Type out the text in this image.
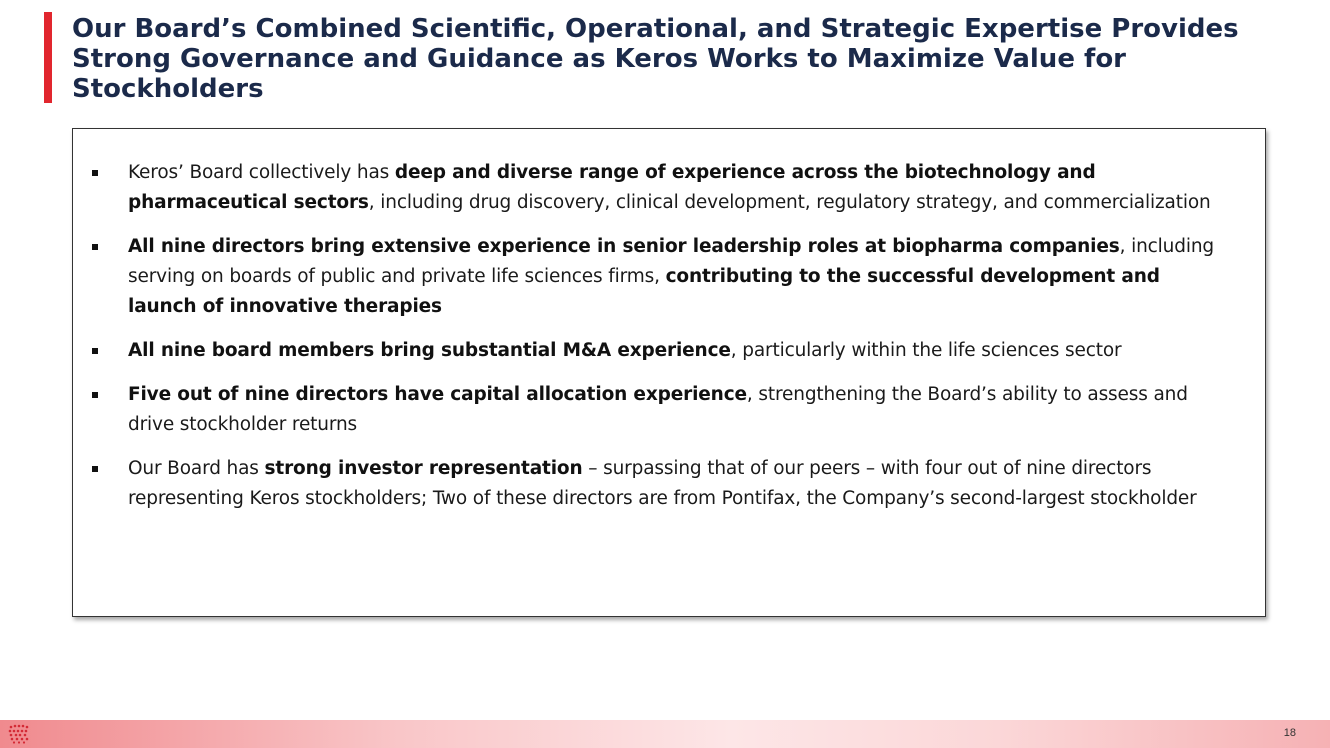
Our Board’s Combined Scientific, Operational, and Strategic Expertise Provides Strong Governance and Guidance as Keros Works to Maximize Value for Stockholders
Keros’ Board collectively has deep and diverse range of experience across the biotechnology and pharmaceutical sectors, including drug discovery, clinical development, regulatory strategy, and commercialization
All nine directors bring extensive experience in senior leadership roles at biopharma companies, including serving on boards of public and private life sciences firms, contributing to the successful development and launch of innovative therapies
All nine board members bring substantial M&A experience, particularly within the life sciences sector
Five out of nine directors have capital allocation experience, strengthening the Board’s ability to assess and drive stockholder returns
Our Board has strong investor representation – surpassing that of our peers – with four out of nine directors representing Keros stockholders; Two of these directors are from Pontifax, the Company’s second-largest stockholder
18
